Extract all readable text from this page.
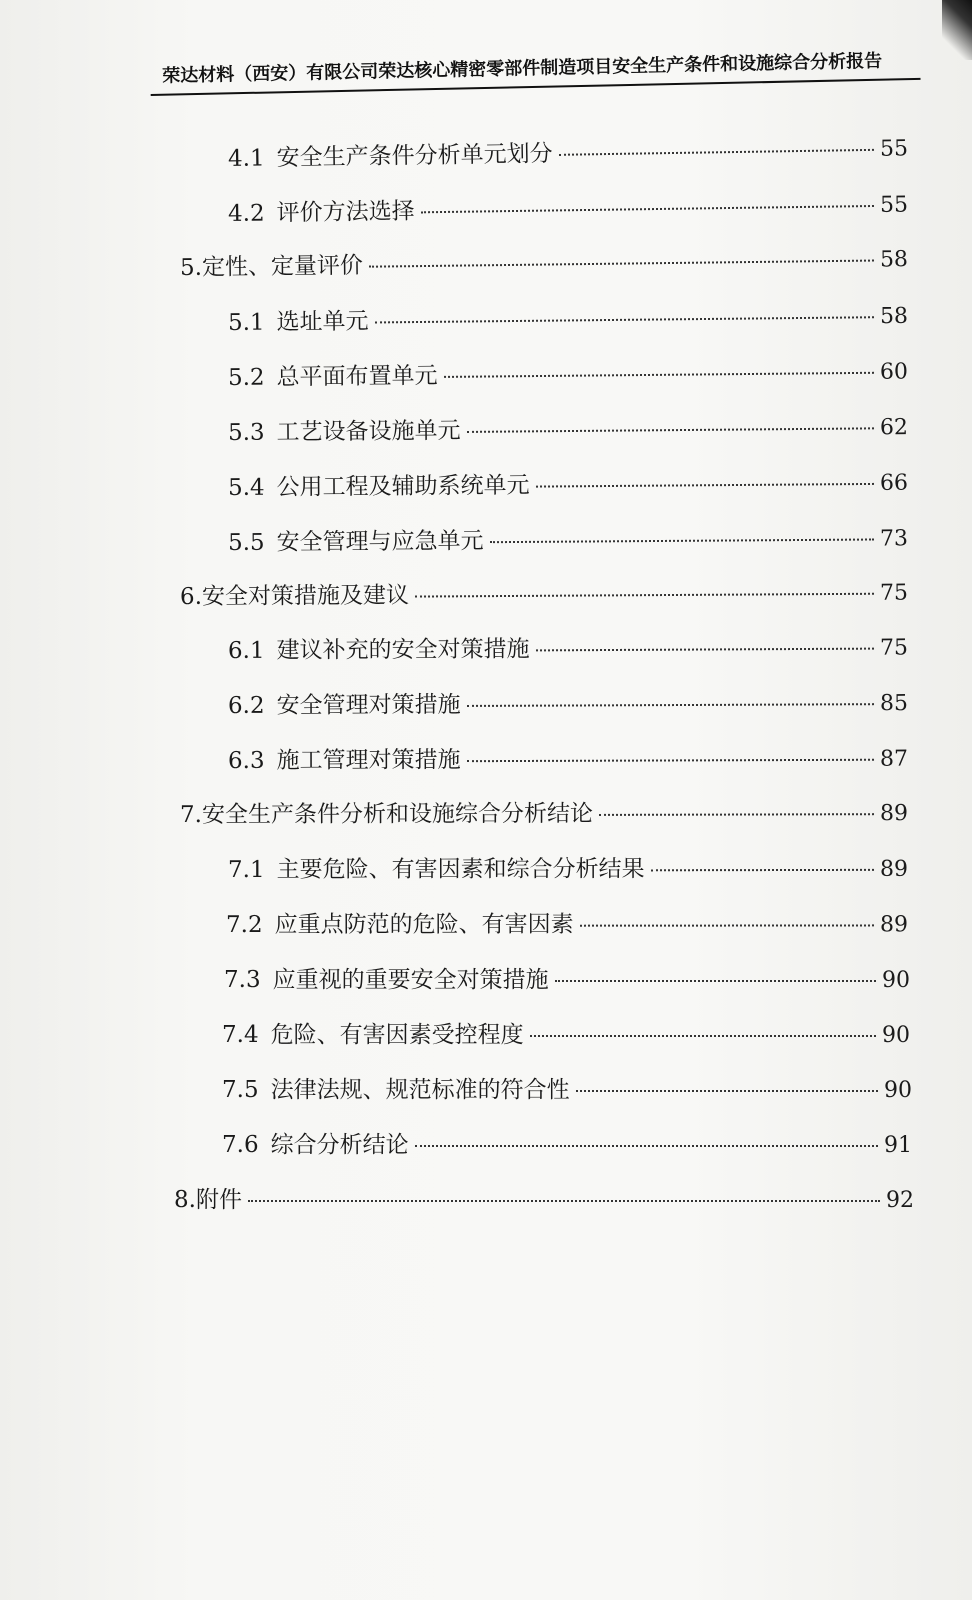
荣达材料（西安）有限公司荣达核心精密零部件制造项目安全生产条件和设施综合分析报告
4.1 安全生产条件分析单元划分	55
4.2 评价方法选择	55
5. 定性、定量评价	58
5.1 选址单元	58
5.2 总平面布置单元	60
5.3 工艺设备设施单元	62
5.4 公用工程及辅助系统单元	66
5.5 安全管理与应急单元	73
6. 安全对策措施及建议	75
6.1 建议补充的安全对策措施	75
6.2 安全管理对策措施	85
6.3 施工管理对策措施	87
7. 安全生产条件分析和设施综合分析结论	89
7.1 主要危险、有害因素和综合分析结果	89
7.2 应重点防范的危险、有害因素	89
7.3 应重视的重要安全对策措施	90
7.4 危险、有害因素受控程度	90
7.5 法律法规、规范标准的符合性	90
7.6 综合分析结论	91
8. 附件	92
